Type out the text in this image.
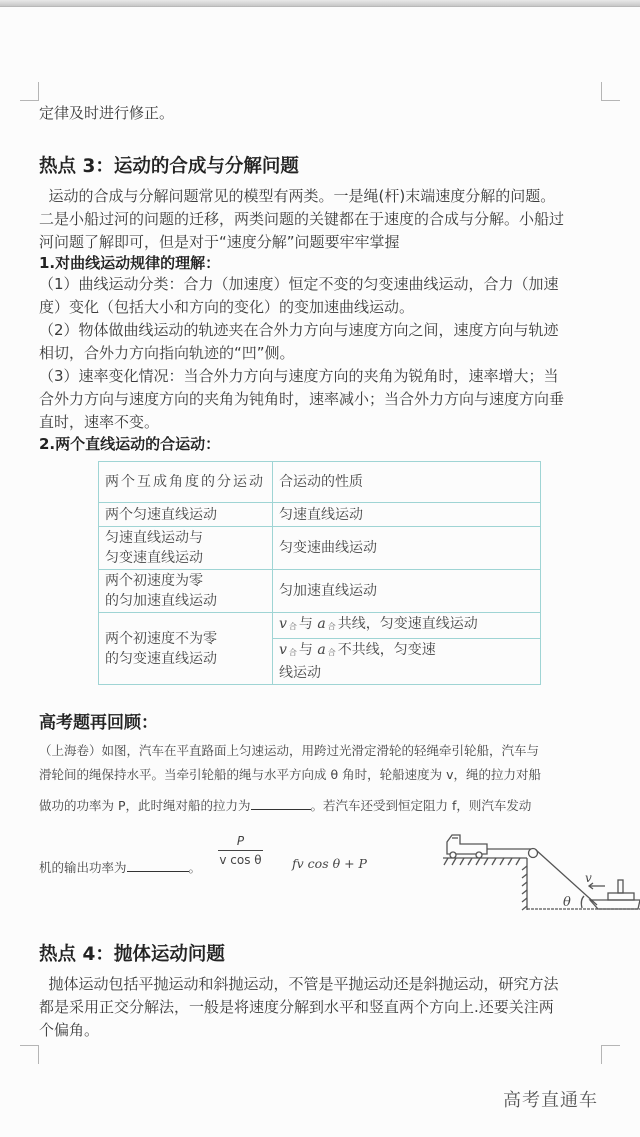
定律及时进行修正。
热点 3：运动的合成与分解问题
运动的合成与分解问题常见的模型有两类。一是绳(杆)末端速度分解的问题。
二是小船过河的问题的迁移，两类问题的关键都在于速度的合成与分解。小船过
河问题了解即可，但是对于“速度分解”问题要牢牢掌握
1.对曲线运动规律的理解：
（1）曲线运动分类：合力（加速度）恒定不变的匀变速曲线运动，合力（加速
度）变化（包括大小和方向的变化）的变加速曲线运动。
（2）物体做曲线运动的轨迹夹在合外力方向与速度方向之间，速度方向与轨迹
相切，合外力方向指向轨迹的“凹”侧。
（3）速率变化情况：当合外力方向与速度方向的夹角为锐角时，速率增大；当
合外力方向与速度方向的夹角为钝角时，速率减小；当合外力方向与速度方向垂
直时，速率不变。
2.两个直线运动的合运动：
两个互成角度的分运动	合运动的性质
两个匀速直线运动	匀速直线运动

匀速直线运动与
匀变速直线运动	匀变速曲线运动

两个初速度为零
的匀加速直线运动	匀加速直线运动

两个初速度不为零
的匀变速直线运动	v 合 与 a 合 共线，匀变速直线运动

	v合 与 a 合 不共线，匀变速
线运动
高考题再回顾：
（上海卷）如图，汽车在平直路面上匀速运动，用跨过光滑定滑轮的轻绳牵引轮船，汽车与
滑轮间的绳保持水平。当牵引轮船的绳与水平方向成 θ 角时，轮船速度为 v，绳的拉力对船
做功的功率为 P，此时绳对船的拉力为	。若汽车还受到恒定阻力 f，则汽车发动
机的输出功率为	。
$\frac{P}{\text{v cos θ}}$ fv cos θ + P
θ
v
热点 4：抛体运动问题
抛体运动包括平抛运动和斜抛运动，不管是平抛运动还是斜抛运动，研究方法
都是采用正交分解法，一般是将速度分解到水平和竖直两个方向上.还要关注两
个偏角。
高考直通车
